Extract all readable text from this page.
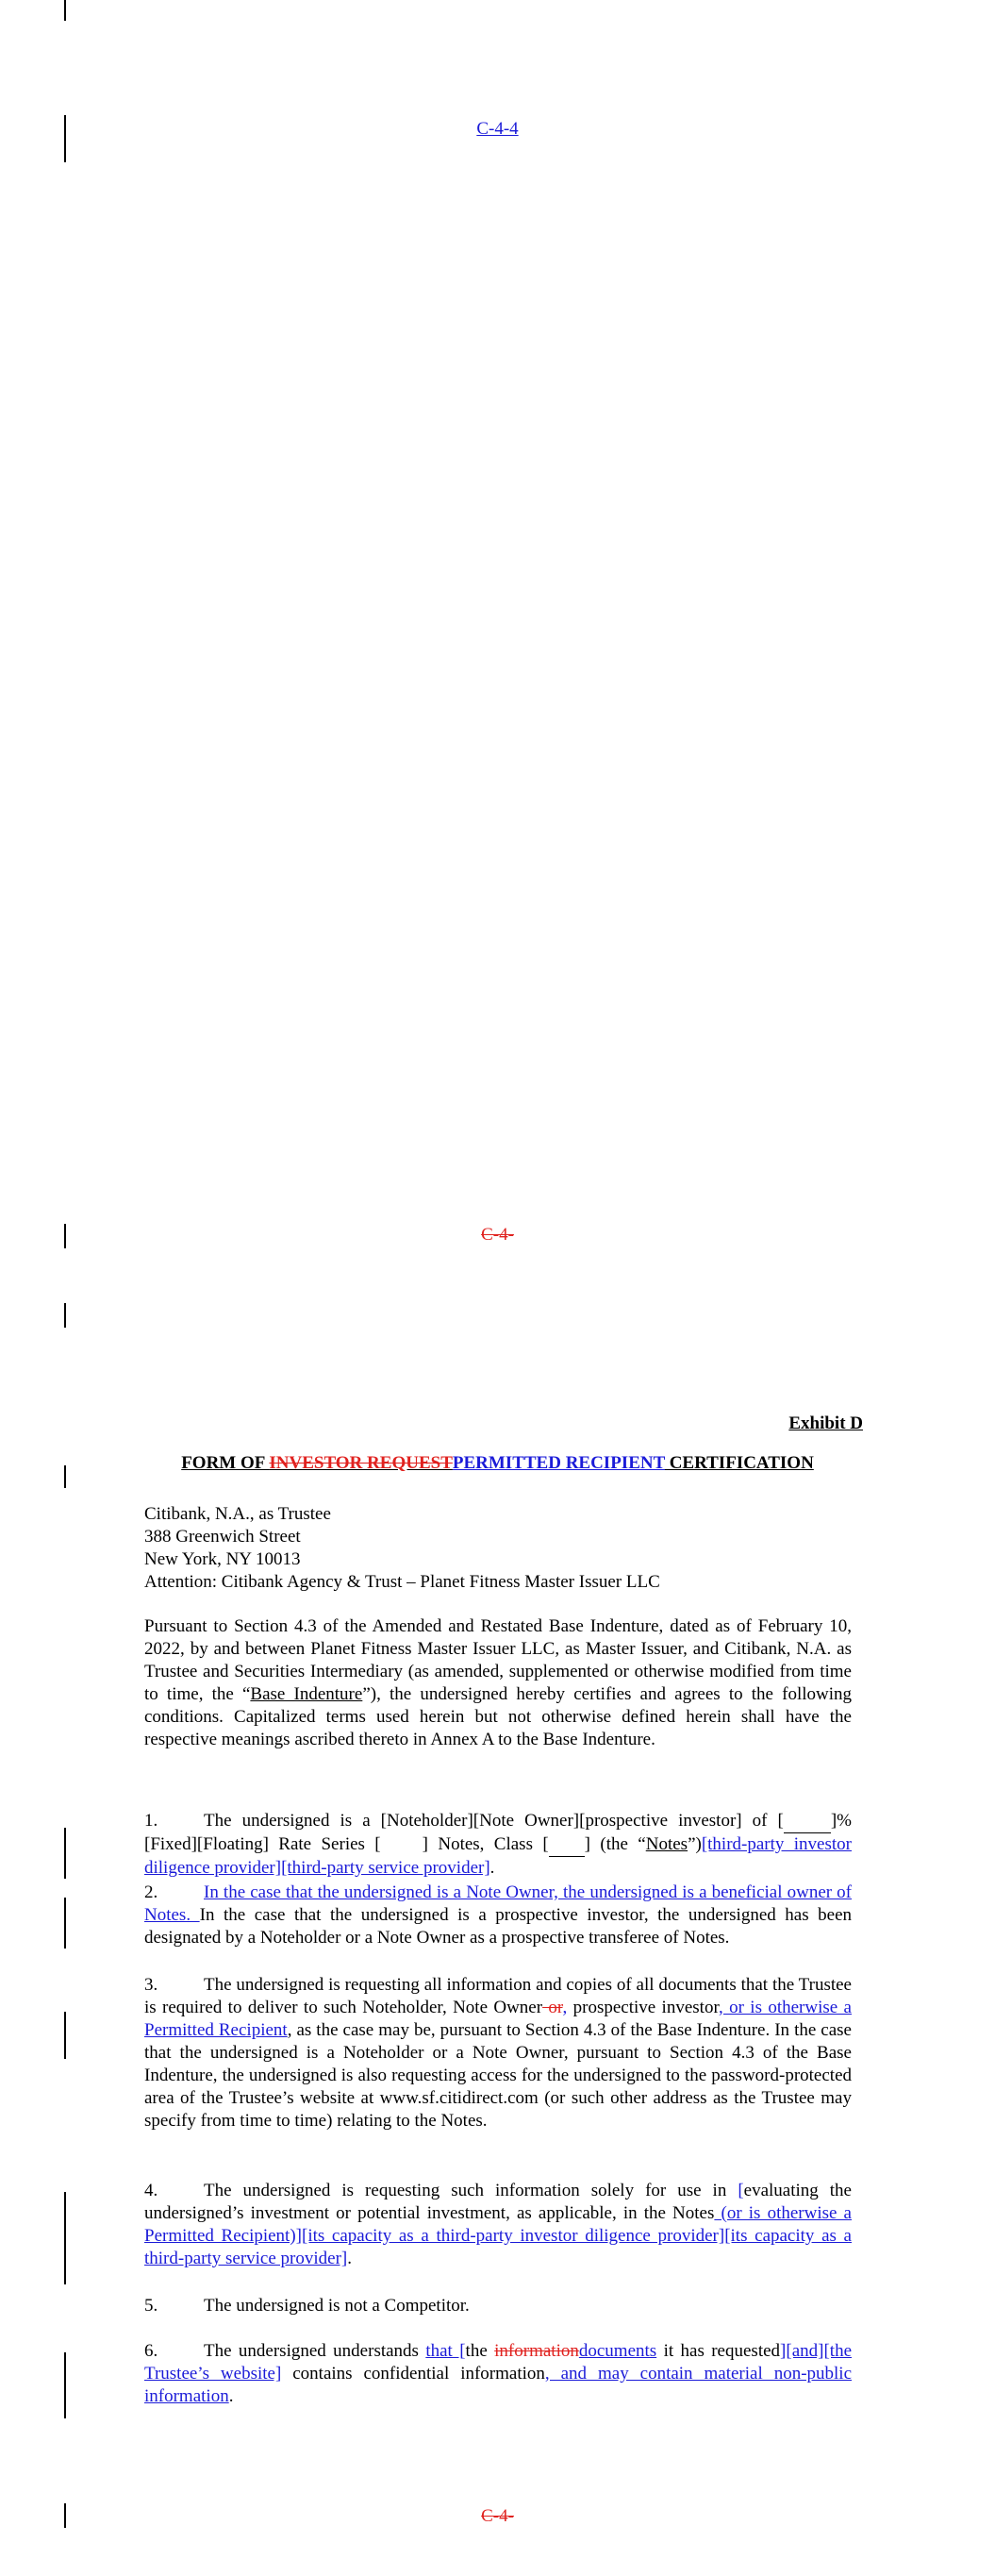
C-4-4
C-4-
C-4-
Exhibit D
FORM OF INVESTOR REQUESTPERMITTED RECIPIENT CERTIFICATION
Citibank, N.A., as Trustee
388 Greenwich Street
New York, NY 10013
Attention: Citibank Agency & Trust – Planet Fitness Master Issuer LLC
Pursuant to Section 4.3 of the Amended and Restated Base Indenture, dated as of February 10, 2022, by and between Planet Fitness Master Issuer LLC, as Master Issuer, and Citibank, N.A. as Trustee and Securities Intermediary (as amended, supplemented or otherwise modified from time to time, the “Base Indenture”), the undersigned hereby certifies and agrees to the following conditions. Capitalized terms used herein but not otherwise defined herein shall have the respective meanings ascribed thereto in Annex A to the Base Indenture.
1.	The undersigned is a [Noteholder][Note Owner][prospective investor] of [	]% [Fixed][Floating] Rate Series [ ] Notes, Class [ ] (the “Notes”)[third-party investor diligence provider][third-party service provider].
2.	In the case that the undersigned is a Note Owner, the undersigned is a beneficial owner of Notes. In the case that the undersigned is a prospective investor, the undersigned has been designated by a Noteholder or a Note Owner as a prospective transferee of Notes.
3.	The undersigned is requesting all information and copies of all documents that the Trustee is required to deliver to such Noteholder, Note Owner or, prospective investor, or is otherwise a Permitted Recipient, as the case may be, pursuant to Section 4.3 of the Base Indenture. In the case that the undersigned is a Noteholder or a Note Owner, pursuant to Section 4.3 of the Base Indenture, the undersigned is also requesting access for the undersigned to the password-protected area of the Trustee’s website at www.sf.citidirect.com (or such other address as the Trustee may specify from time to time) relating to the Notes.
4.	The undersigned is requesting such information solely for use in [evaluating the undersigned’s investment or potential investment, as applicable, in the Notes (or is otherwise a Permitted Recipient)][its capacity as a third-party investor diligence provider][its capacity as a third-party service provider].
5.	The undersigned is not a Competitor.
6.	The undersigned understands that [the informationdocuments it has requested][and][the Trustee’s website] contains confidential information, and may contain material non-public information.
